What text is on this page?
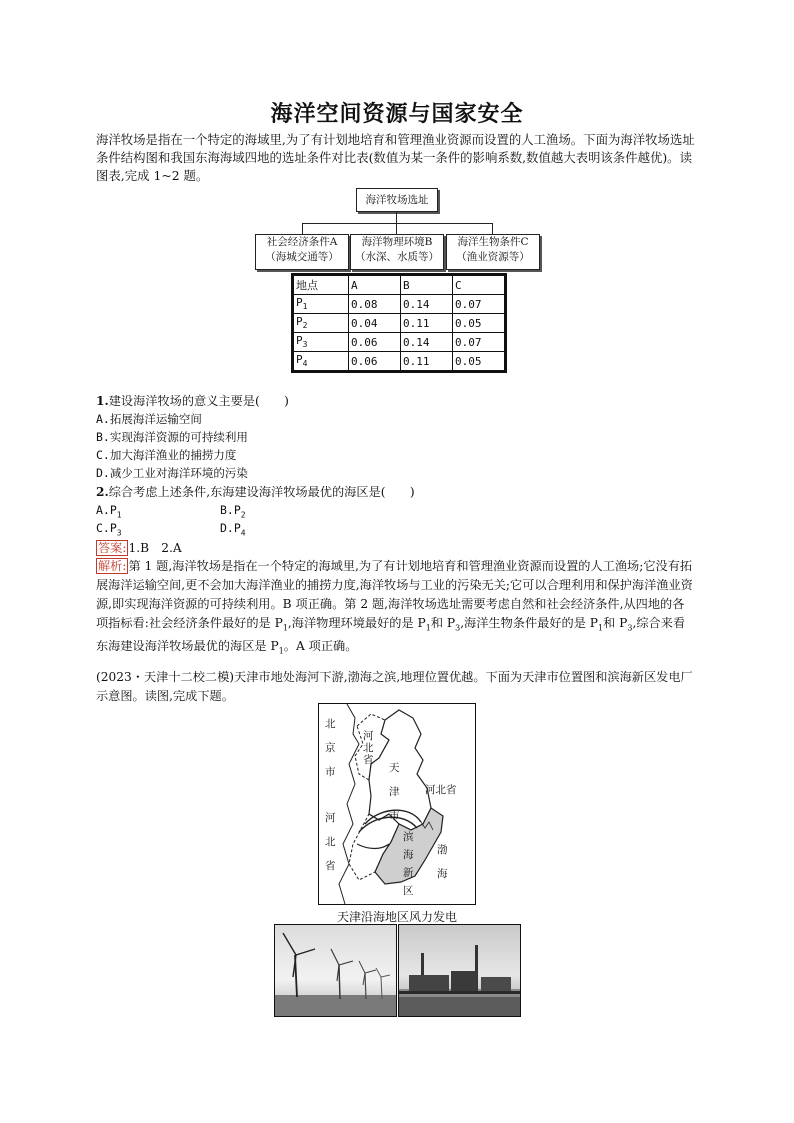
海洋空间资源与国家安全
海洋牧场是指在一个特定的海域里,为了有计划地培育和管理渔业资源而设置的人工渔场。下面为海洋牧场选址条件结构图和我国东海海域四地的选址条件对比表(数值为某一条件的影响系数,数值越大表明该条件越优)。读图表,完成 1~2 题。
海洋牧场选址
社会经济条件A
（海城交通等）
海洋物理环境B
（水深、水质等）
海洋生物条件C
（渔业资源等）
地点	A	B	C
$P_1$	0.08	0.14	0.07
$P_2$	0.04	0.11	0.05
$P_3$	0.06	0.14	0.07
$P_4$	0.06	0.11	0.05
1.建设海洋牧场的意义主要是(　　)
A.拓展海洋运输空间
B.实现海洋资源的可持续利用
C.加大海洋渔业的捕捞力度
D.减少工业对海洋环境的污染
2.综合考虑上述条件,东海建设海洋牧场最优的海区是(　　)
$A.P_1$	$B.P_2$
$C.P_3$	$D.P_4$
答案: 1.B　2.A
解析: 第 1 题,海洋牧场是指在一个特定的海域里,为了有计划地培育和管理渔业资源而设置的人工渔场;它没有拓展海洋运输空间,更不会加大海洋渔业的捕捞力度,海洋牧场与工业的污染无关;它可以合理利用和保护海洋渔业资源,即实现海洋资源的可持续利用。B 项正确。第 2 题,海洋牧场选址需要考虑自然和社会经济条件,从四地的各项指标看:社会经济条件最好的是 $P_1$,海洋物理环境最好的是 $P_1$和 $P_3$,海洋生物条件最好的是 $P_1$和 $P_3$,综合来看东海建设海洋牧场最优的海区是 $P_1$。A 项正确。
(2023・天津十二校二模)天津市地处海河下游,渤海之滨,地理位置优越。下面为天津市位置图和滨海新区发电厂示意图。读图,完成下题。
北京市
河北省
河北省
河北省
天津市
滨海新区
渤海
天津沿海地区风力发电
